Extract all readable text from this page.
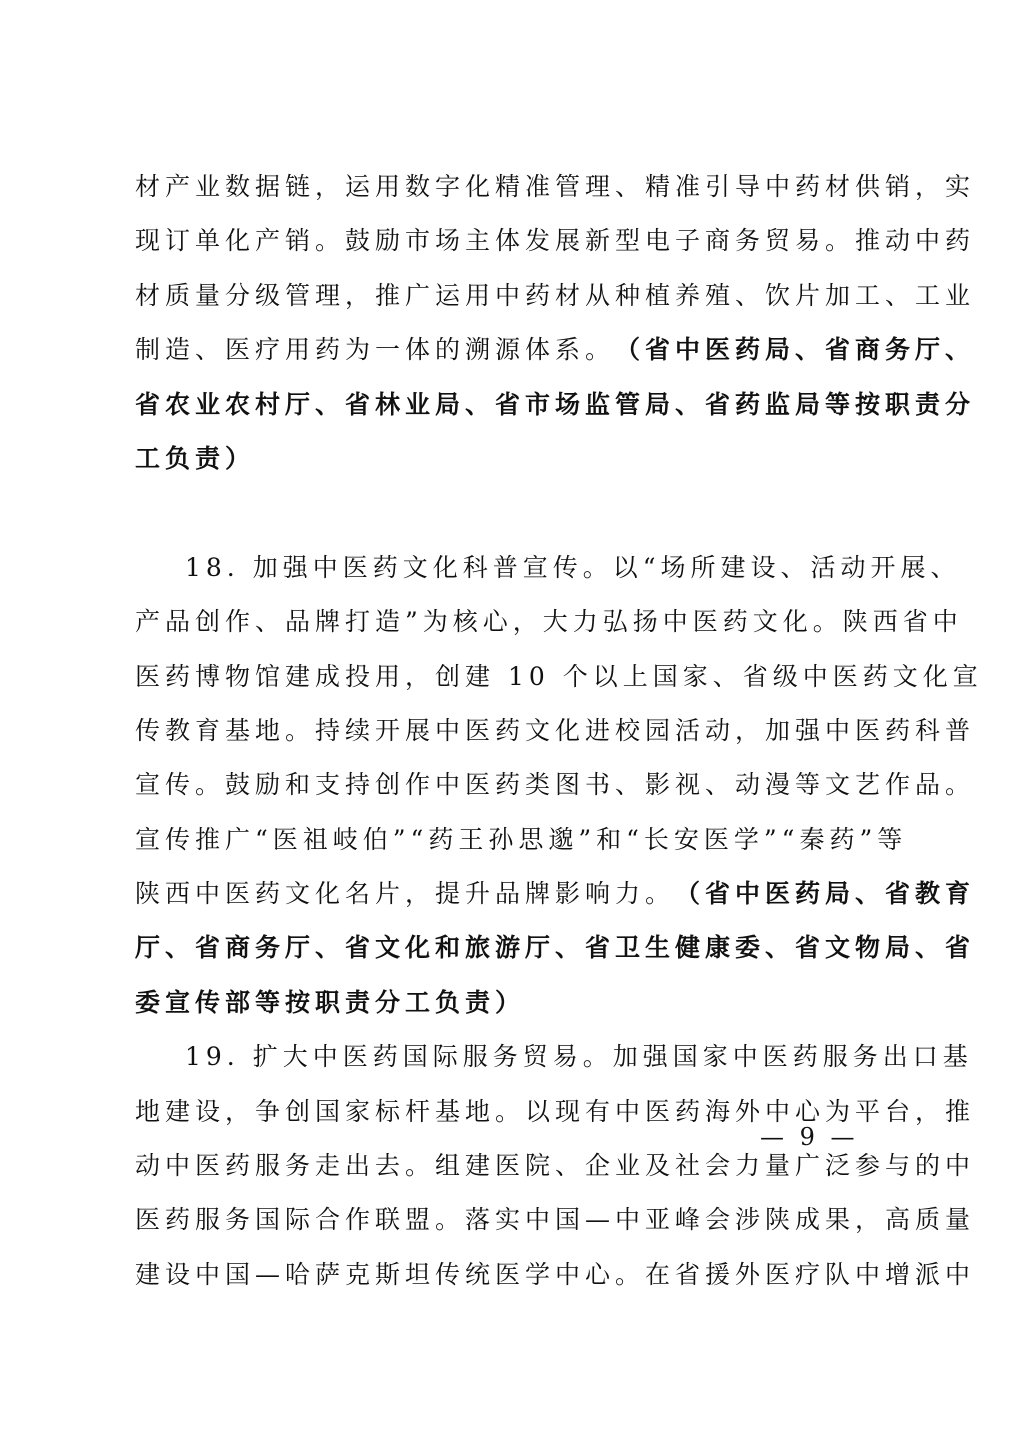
材产业数据链，运用数字化精准管理、精准引导中药材供销，实
现订单化产销。鼓励市场主体发展新型电子商务贸易。推动中药
材质量分级管理，推广运用中药材从种植养殖、饮片加工、工业
制造、医疗用药为一体的溯源体系。 （省中医药局、省商务厅、
省农业农村厅、省林业局、省市场监管局、省药监局等按职责分
工负责）
18. 加强中医药文化科普宣传。以“场所建设、活动开展、
产品创作、品牌打造”为核心，大力弘扬中医药文化。陕西省中
医药博物馆建成投用，创建 10 个以上国家、省级中医药文化宣
传教育基地。持续开展中医药文化进校园活动，加强中医药科普
宣传。鼓励和支持创作中医药类图书、影视、动漫等文艺作品。
宣传推广“医祖岐伯”“药王孙思邈”和“长安医学”“秦药”等
陕西中医药文化名片，提升品牌影响力。 （省中医药局、省教育
厅、省商务厅、省文化和旅游厅、省卫生健康委、省文物局、省
委宣传部等按职责分工负责）
19. 扩大中医药国际服务贸易。加强国家中医药服务出口基
地建设，争创国家标杆基地。以现有中医药海外中心为平台，推
动中医药服务走出去。组建医院、企业及社会力量广泛参与的中
医药服务国际合作联盟。落实中国—中亚峰会涉陕成果，高质量
建设中国—哈萨克斯坦传统医学中心。在省援外医疗队中增派中
— 9 —
